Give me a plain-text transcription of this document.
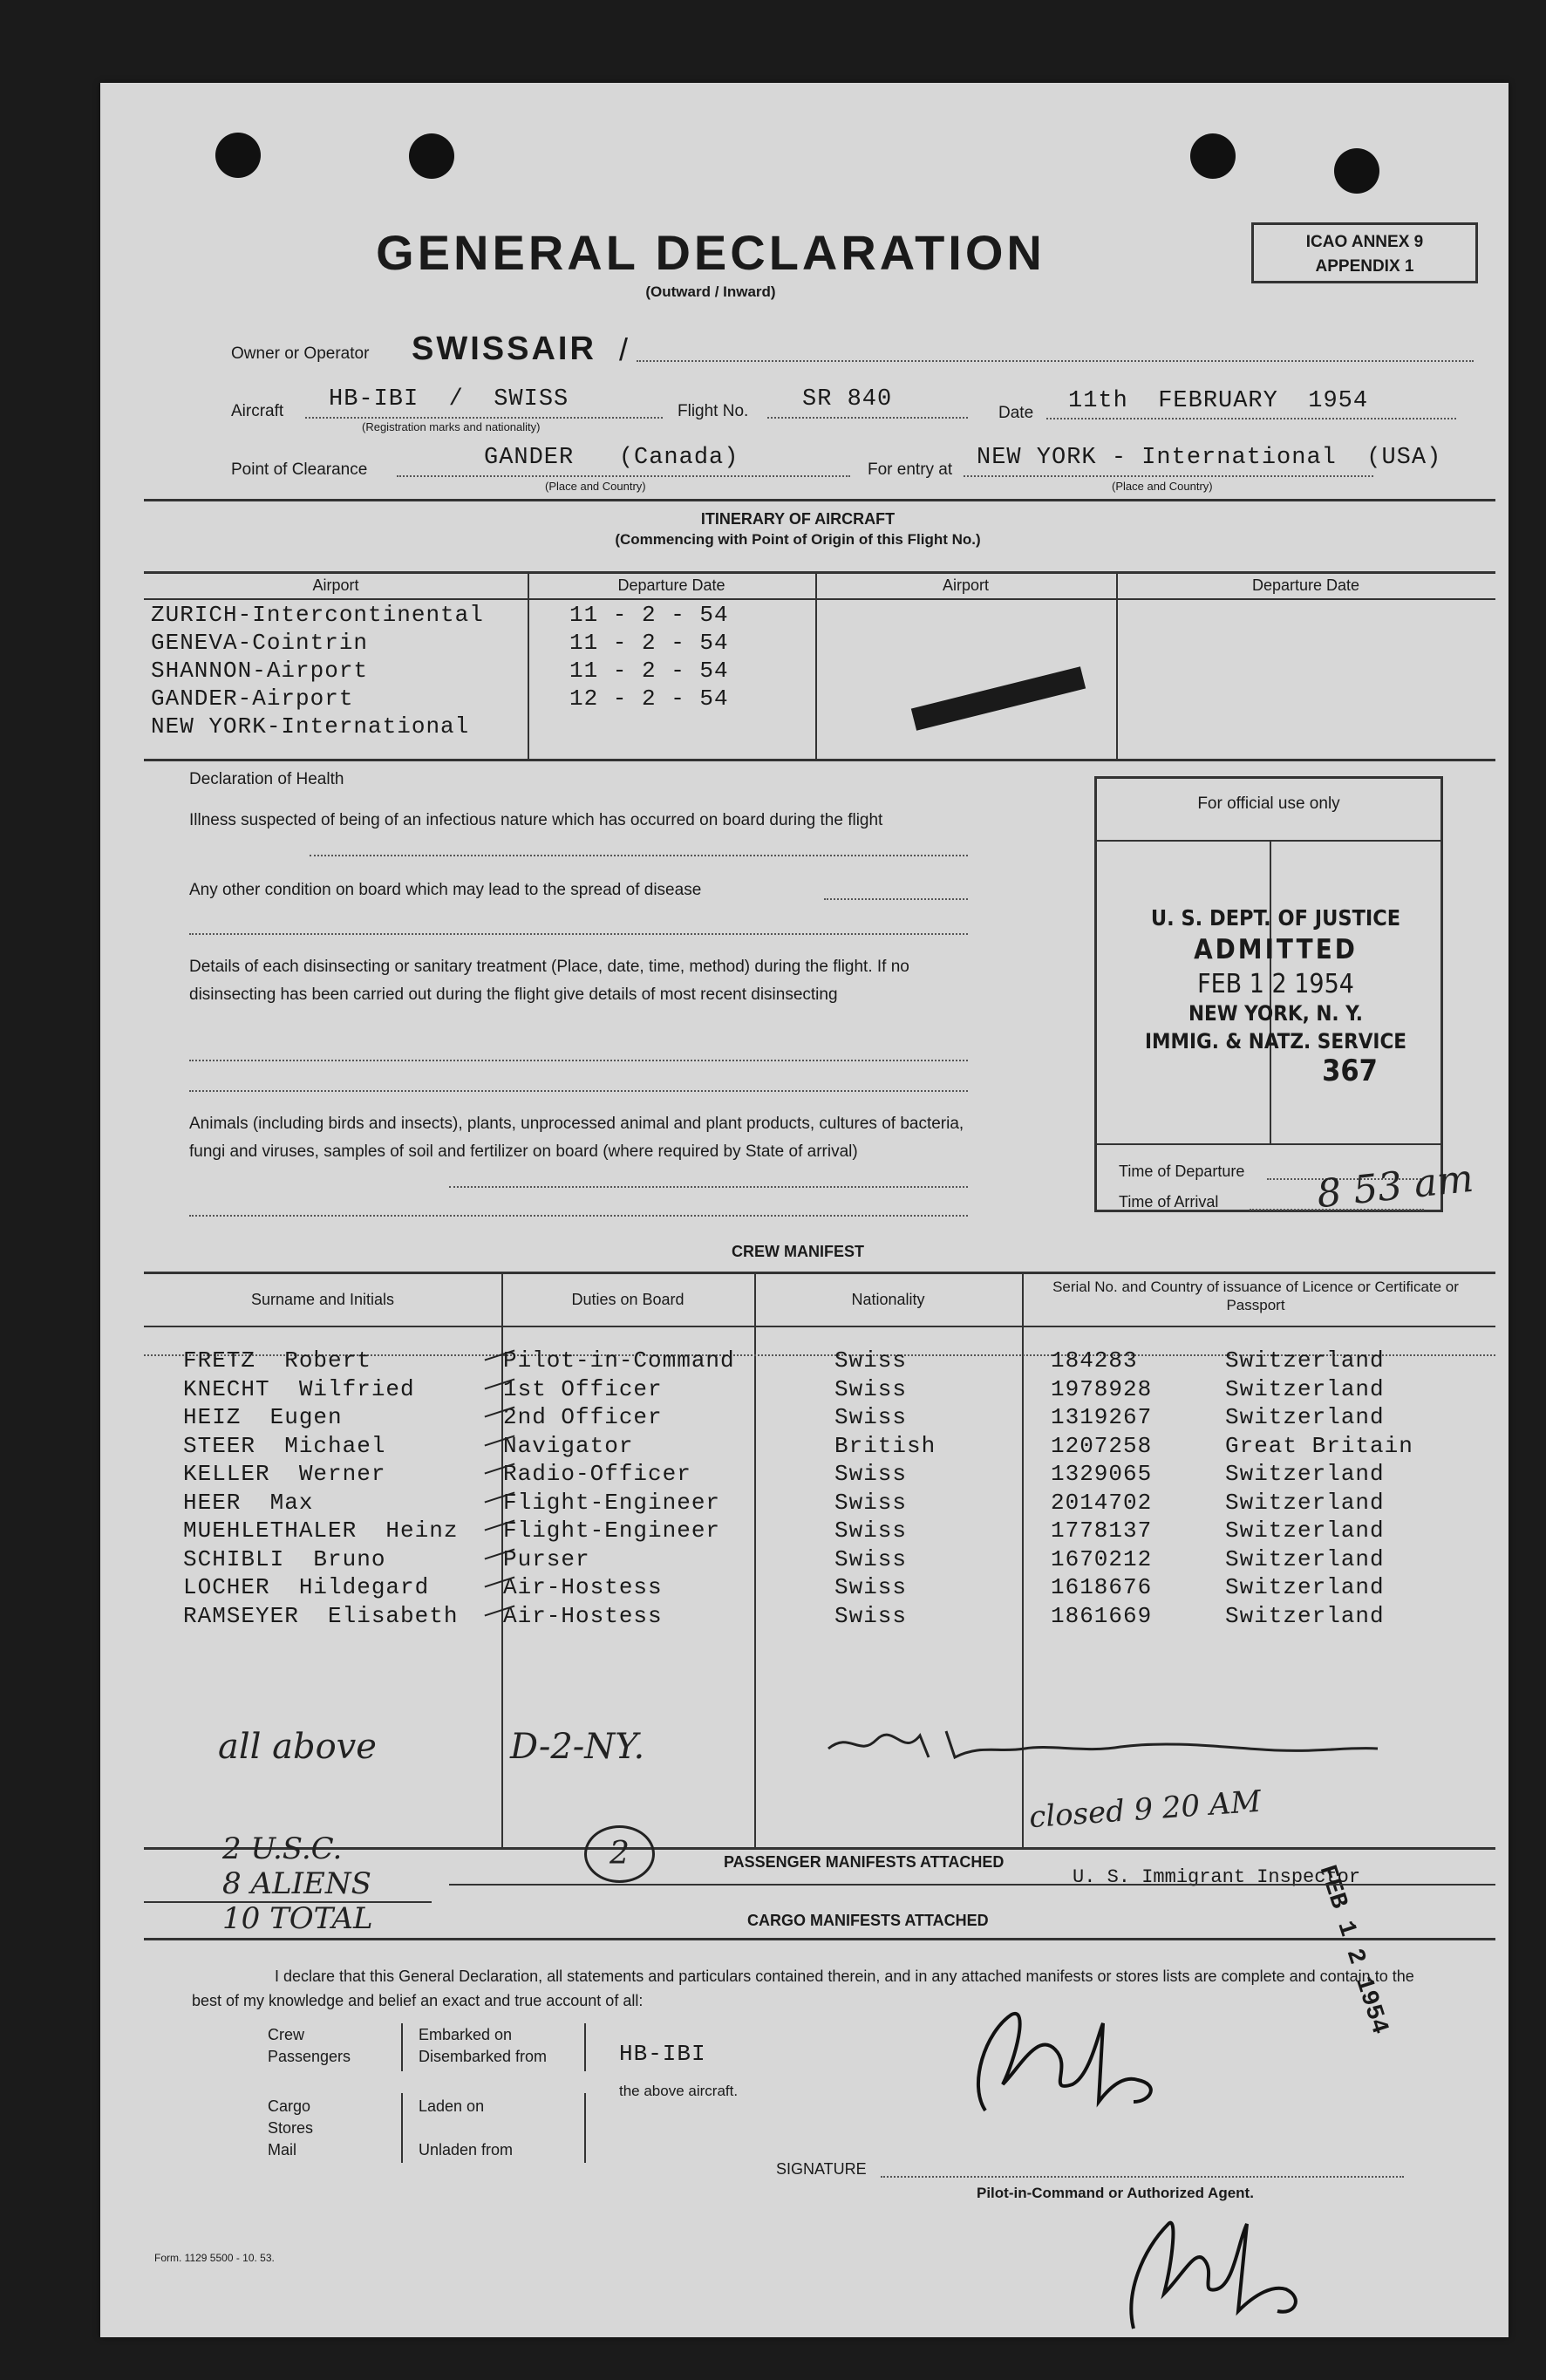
GENERAL DECLARATION
(Outward / Inward)
ICAO ANNEX 9
APPENDIX 1
Owner or Operator SWISSAIR /
Aircraft HB-IBI  /  SWISS
(Registration marks and nationality)
Flight No. SR 840
Date 11th  FEBRUARY  1954
Point of Clearance	GANDER   (Canada)
(Place and Country)
For entry at NEW YORK - International  (USA)
(Place and Country)
ITINERARY OF AIRCRAFT
(Commencing with Point of Origin of this Flight No.)
Airport	Departure Date	Airport	Departure Date
ZURICH-Intercontinental	11 - 2 - 54
GENEVA-Cointrin	11 - 2 - 54
SHANNON-Airport	11 - 2 - 54
GANDER-Airport	12 - 2 - 54
NEW YORK-International
Declaration of Health
Illness suspected of being of an infectious nature which has occurred on board during the flight
Any other condition on board which may lead to the spread of disease
Details of each disinsecting or sanitary treatment (Place, date, time, method) during the flight. If no disinsecting has been carried out during the flight give details of most recent disinsecting
Animals (including birds and insects), plants, unprocessed animal and plant products, cultures of bacteria, fungi and viruses, samples of soil and fertilizer on board (where required by State of arrival)
For official use only
U. S. DEPT. OF JUSTICE
ADMITTED
FEB 1 2 1954
NEW YORK, N. Y.
IMMIG. & NATZ. SERVICE
367
Time of Departure
Time of Arrival	8 53 am
CREW MANIFEST
Surname and Initials	Duties on Board	Nationality
Serial No. and Country of issuance of Licence or Certificate or Passport
FRETZ  Robert	Pilot-in-Command	Swiss	184283	Switzerland
KNECHT  Wilfried	1st Officer	Swiss	1978928	Switzerland
HEIZ  Eugen	2nd Officer	Swiss	1319267	Switzerland
STEER  Michael	Navigator	British	1207258	Great Britain
KELLER  Werner	Radio-Officer	Swiss	1329065	Switzerland
HEER  Max	Flight-Engineer	Swiss	2014702	Switzerland
MUEHLETHALER  Heinz Flight-Engineer	Swiss	1778137	Switzerland
SCHIBLI  Bruno	Purser	Swiss	1670212	Switzerland
LOCHER  Hildegard	Air-Hostess	Swiss	1618676	Switzerland
RAMSEYER  Elisabeth Air-Hostess	Swiss	1861669	Switzerland
all above	D-2-NY.
closed 9 20 AM
FEB 1 2 1954
2 U.S.C.
8 ALIENS
10 TOTAL
2	PASSENGER MANIFESTS ATTACHED
U. S. Immigrant Inspector
CARGO MANIFESTS ATTACHED
I declare that this General Declaration, all statements and particulars contained therein, and in any attached manifests or stores lists are complete and contain to the best of my knowledge and belief an exact and true account of all:
Crew
Passengers
Embarked on
Disembarked from
Cargo
Stores
Mail
Laden on
Unladen from
HB-IBI
the above aircraft.
SIGNATURE
Pilot-in-Command or Authorized Agent.
Form. 1129 5500 - 10. 53.
